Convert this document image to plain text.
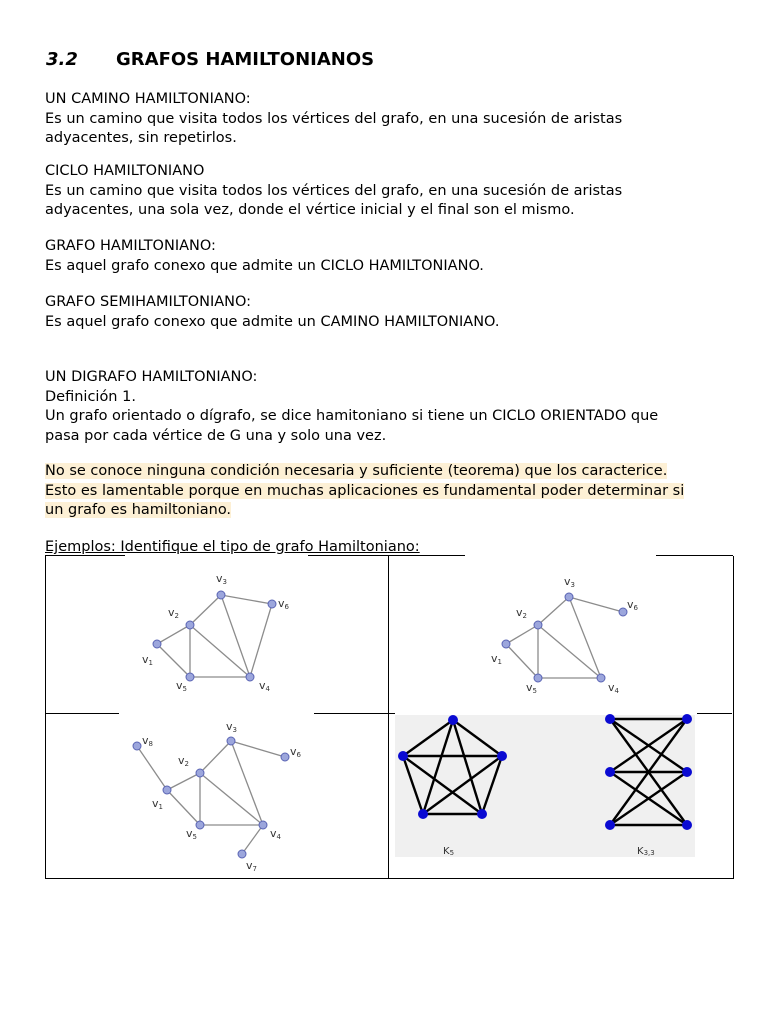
3.2 GRAFOS HAMILTONIANOS
UN CAMINO HAMILTONIANO:
Es un camino que visita todos los vértices del grafo, en una sucesión de aristas
adyacentes, sin repetirlos.
CICLO HAMILTONIANO
Es un camino que visita todos los vértices del grafo, en una sucesión de aristas
adyacentes, una sola vez, donde el vértice inicial y el final son el mismo.
GRAFO HAMILTONIANO:
Es aquel grafo conexo que admite un CICLO HAMILTONIANO.
GRAFO SEMIHAMILTONIANO:
Es aquel grafo conexo que admite un CAMINO HAMILTONIANO.
UN DIGRAFO HAMILTONIANO:
Definición 1.
Un grafo orientado o dígrafo, se dice hamitoniano si tiene un CICLO ORIENTADO que
pasa por cada vértice de G una y solo una vez.
No se conoce ninguna condición necesaria y suficiente (teorema) que los caracterice.
Esto es lamentable porque en muchas aplicaciones es fundamental poder determinar si
un grafo es hamiltoniano.
Ejemplos: Identifique el tipo de grafo Hamiltoniano:
v1
v2
v3
v4
v5
v6
v1
v2
v3
v4
v5
v6
v8
v1
v2
v3
v4
v5
v6
v7
K5	K3,3
